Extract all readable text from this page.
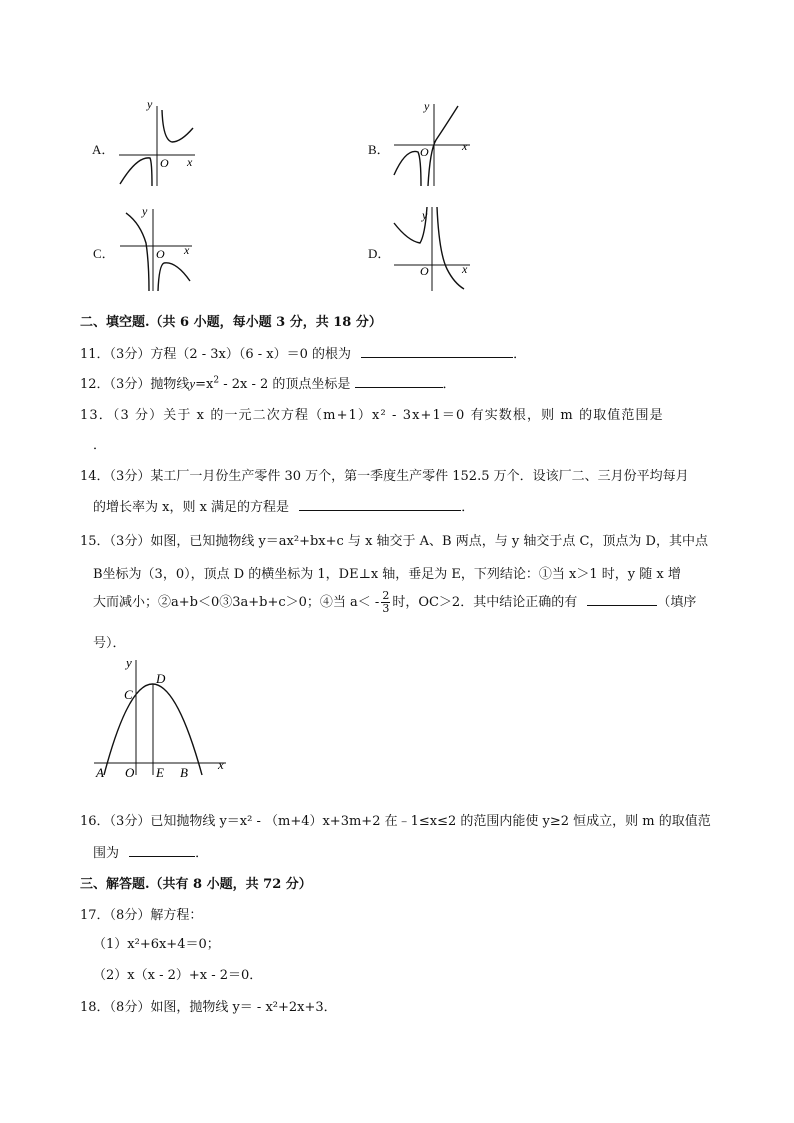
A．
y
x
O
B．
y
x
O
C．
y
x
O	D．
y
x
O
二、填空题.（共 6 小题，每小题 3 分，共 18 分）
11．（3分）方程（2 - 3x）（6 - x）＝0 的根为	．
12．（3分）抛物线$y=x^2 - 2x - 2$ 的顶点坐标是	．
13．（3 分）关于 x 的一元二次方程（m+1）x² - 3x+1＝0 有实数根，则 m 的取值范围是
．
14．（3分）某工厂一月份生产零件 30 万个，第一季度生产零件 152.5 万个．设该厂二、三月份平均每月
的增长率为 x，则 x 满足的方程是	．
15．（3分）如图，已知抛物线 y＝ax²+bx+c 与 x 轴交于 A、B 两点，与 y 轴交于点 C，顶点为 D，其中点
B坐标为（3，0），顶点 D 的横坐标为 1，DE⊥x 轴，垂足为 E，下列结论：①当 x＞1 时，y 随 x 增
大而减小；②a+b＜0③3a+b+c＞0；④当 $a< - \frac{2}{3}$ 时，OC＞2．其中结论正确的有	（填序
号）．
y
x
C
D
A O E B
16．（3分）已知抛物线 y＝x² - （m+4）x+3m+2 在﹣1≤x≤2 的范围内能使 y≥2 恒成立，则 m 的取值范
围为	．
三、解答题.（共有 8 小题，共 72 分）
17．（8分）解方程：
（1）x²+6x+4＝0；
（2）x（x - 2）+x - 2＝0．
18．（8分）如图，抛物线 y＝ - x²+2x+3．
